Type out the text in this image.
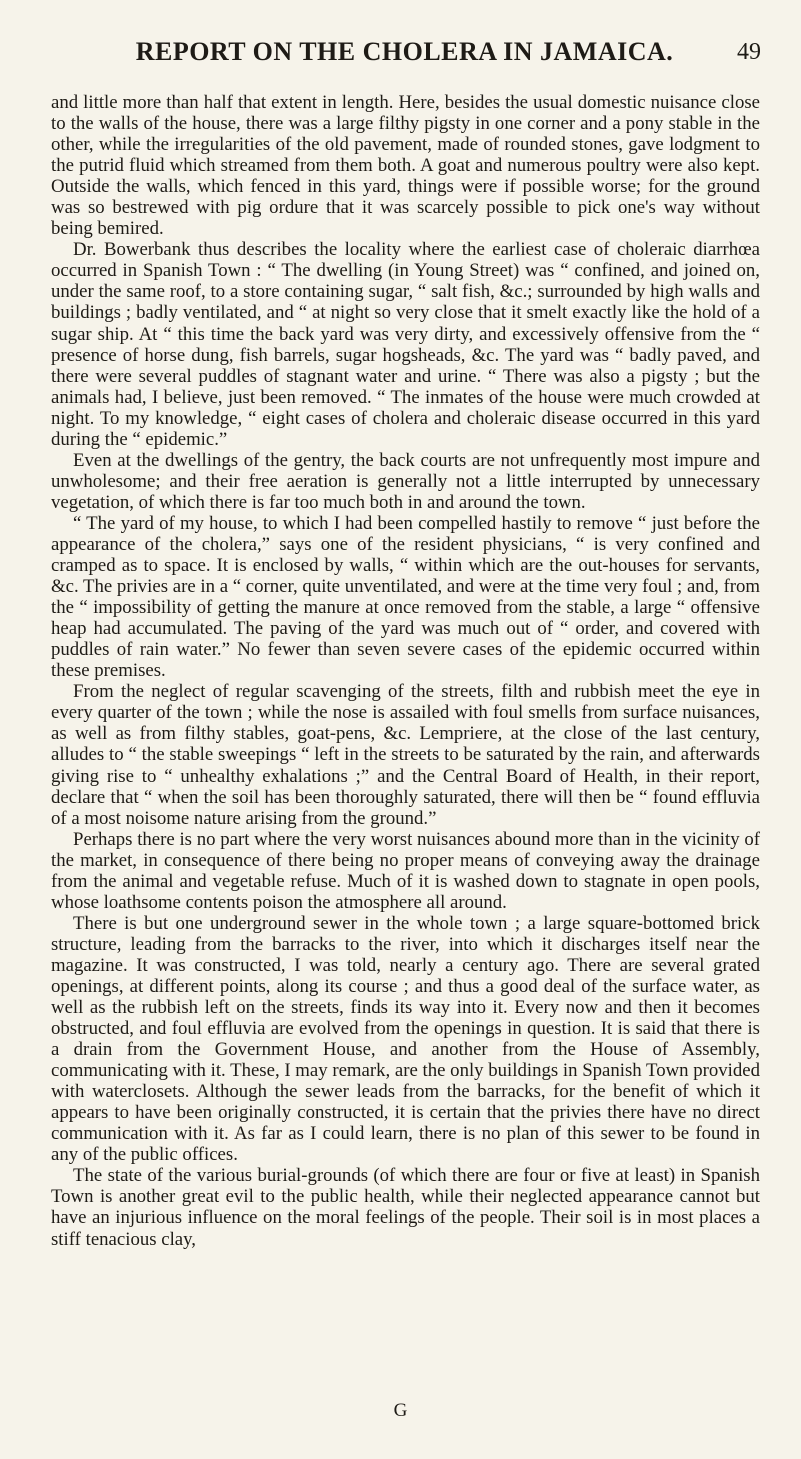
REPORT ON THE CHOLERA IN JAMAICA.	49

and little more than half that extent in length. Here, besides the usual domestic nuisance close to the walls of the house, there was a large filthy pigsty in one corner and a pony stable in the other, while the irregularities of the old pavement, made of rounded stones, gave lodgment to the putrid fluid which streamed from them both. A goat and numerous poultry were also kept. Outside the walls, which fenced in this yard, things were if possible worse; for the ground was so bestrewed with pig ordure that it was scarcely possible to pick one's way without being bemired.

Dr. Bowerbank thus describes the locality where the earliest case of choleraic diarrhœa occurred in Spanish Town : “ The dwelling (in Young Street) was “ confined, and joined on, under the same roof, to a store containing sugar, “ salt fish, &c.; surrounded by high walls and buildings ; badly ventilated, and “ at night so very close that it smelt exactly like the hold of a sugar ship. At “ this time the back yard was very dirty, and excessively offensive from the “ presence of horse dung, fish barrels, sugar hogsheads, &c. The yard was “ badly paved, and there were several puddles of stagnant water and urine. “ There was also a pigsty ; but the animals had, I believe, just been removed. “ The inmates of the house were much crowded at night. To my knowledge, “ eight cases of cholera and choleraic disease occurred in this yard during the “ epidemic.”

Even at the dwellings of the gentry, the back courts are not unfrequently most impure and unwholesome; and their free aeration is generally not a little interrupted by unnecessary vegetation, of which there is far too much both in and around the town.

“ The yard of my house, to which I had been compelled hastily to remove “ just before the appearance of the cholera,” says one of the resident physicians, “ is very confined and cramped as to space. It is enclosed by walls, “ within which are the out-houses for servants, &c. The privies are in a “ corner, quite unventilated, and were at the time very foul ; and, from the “ impossibility of getting the manure at once removed from the stable, a large “ offensive heap had accumulated. The paving of the yard was much out of “ order, and covered with puddles of rain water.” No fewer than seven severe cases of the epidemic occurred within these premises.

From the neglect of regular scavenging of the streets, filth and rubbish meet the eye in every quarter of the town ; while the nose is assailed with foul smells from surface nuisances, as well as from filthy stables, goat-pens, &c. Lempriere, at the close of the last century, alludes to “ the stable sweepings “ left in the streets to be saturated by the rain, and afterwards giving rise to “ unhealthy exhalations ;” and the Central Board of Health, in their report, declare that “ when the soil has been thoroughly saturated, there will then be “ found effluvia of a most noisome nature arising from the ground.”

Perhaps there is no part where the very worst nuisances abound more than in the vicinity of the market, in consequence of there being no proper means of conveying away the drainage from the animal and vegetable refuse. Much of it is washed down to stagnate in open pools, whose loathsome contents poison the atmosphere all around.

There is but one underground sewer in the whole town ; a large square-bottomed brick structure, leading from the barracks to the river, into which it discharges itself near the magazine. It was constructed, I was told, nearly a century ago. There are several grated openings, at different points, along its course ; and thus a good deal of the surface water, as well as the rubbish left on the streets, finds its way into it. Every now and then it becomes obstructed, and foul effluvia are evolved from the openings in question. It is said that there is a drain from the Government House, and another from the House of Assembly, communicating with it. These, I may remark, are the only buildings in Spanish Town provided with waterclosets. Although the sewer leads from the barracks, for the benefit of which it appears to have been originally constructed, it is certain that the privies there have no direct communication with it. As far as I could learn, there is no plan of this sewer to be found in any of the public offices.

The state of the various burial-grounds (of which there are four or five at least) in Spanish Town is another great evil to the public health, while their neglected appearance cannot but have an injurious influence on the moral feelings of the people. Their soil is in most places a stiff tenacious clay,

G
